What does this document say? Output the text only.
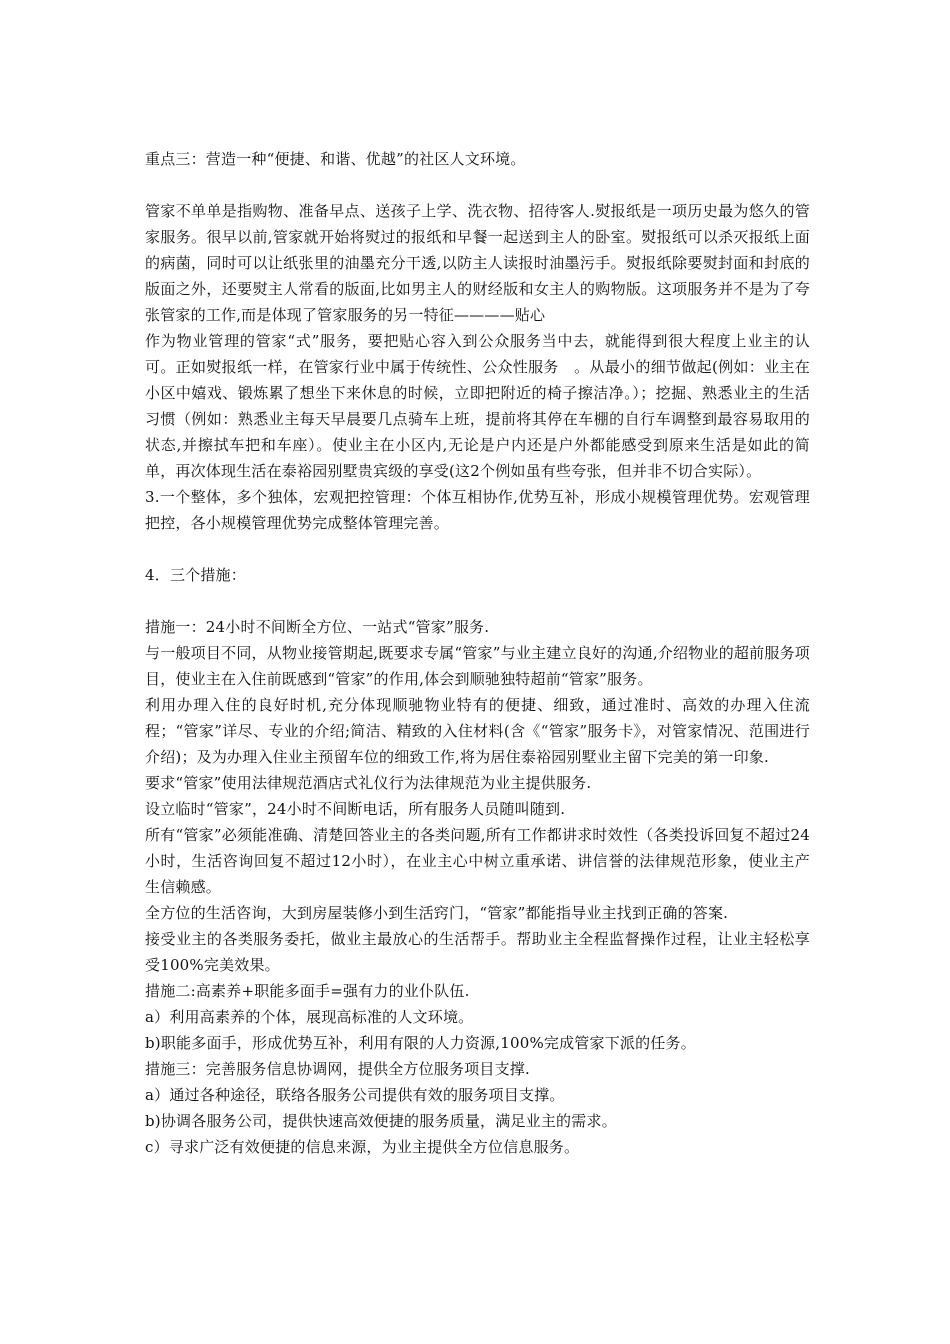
重点三：营造一种“便捷、和谐、优越”的社区人文环境。

管家不单单是指购物、准备早点、送孩子上学、洗衣物、招待客人.熨报纸是一项历史最为悠久的管家服务。很早以前,管家就开始将熨过的报纸和早餐一起送到主人的卧室。熨报纸可以杀灭报纸上面的病菌，同时可以让纸张里的油墨充分干透,以防主人读报时油墨污手。熨报纸除要熨封面和封底的版面之外，还要熨主人常看的版面,比如男主人的财经版和女主人的购物版。这项服务并不是为了夸张管家的工作,而是体现了管家服务的另一特征————贴心

作为物业管理的管家“式”服务，要把贴心容入到公众服务当中去，就能得到很大程度上业主的认可。正如熨报纸一样，在管家行业中属于传统性、公众性服务　。从最小的细节做起(例如：业主在小区中嬉戏、锻炼累了想坐下来休息的时候，立即把附近的椅子擦洁净。）；挖掘、熟悉业主的生活习惯（例如：熟悉业主每天早晨要几点骑车上班，提前将其停在车棚的自行车调整到最容易取用的状态,并擦拭车把和车座）。使业主在小区内,无论是户内还是户外都能感受到原来生活是如此的简单，再次体现生活在泰裕园别墅贵宾级的享受(这2个例如虽有些夸张，但并非不切合实际）。

3.一个整体，多个独体，宏观把控管理：个体互相协作,优势互补，形成小规模管理优势。宏观管理把控，各小规模管理优势完成整体管理完善。

4．三个措施：

措施一：24小时不间断全方位、一站式“管家”服务.

与一般项目不同，从物业接管期起,既要求专属“管家”与业主建立良好的沟通,介绍物业的超前服务项目，使业主在入住前既感到“管家”的作用,体会到顺驰独特超前“管家”服务。

利用办理入住的良好时机,充分体现顺驰物业特有的便捷、细致，通过准时、高效的办理入住流程；“管家”详尽、专业的介绍;简洁、精致的入住材料(含《“管家”服务卡》，对管家情况、范围进行介绍)；及为办理入住业主预留车位的细致工作,将为居住泰裕园别墅业主留下完美的第一印象.

要求“管家”使用法律规范酒店式礼仪行为法律规范为业主提供服务.

设立临时“管家”，24小时不间断电话，所有服务人员随叫随到.

所有“管家”必须能准确、清楚回答业主的各类问题,所有工作都讲求时效性（各类投诉回复不超过24小时，生活咨询回复不超过12小时），在业主心中树立重承诺、讲信誉的法律规范形象，使业主产生信赖感。

全方位的生活咨询，大到房屋装修小到生活窍门，“管家”都能指导业主找到正确的答案.

接受业主的各类服务委托，做业主最放心的生活帮手。帮助业主全程监督操作过程，让业主轻松享受100%完美效果。

措施二:高素养+职能多面手=强有力的业仆队伍.

a）利用高素养的个体，展现高标准的人文环境。

b)职能多面手，形成优势互补，利用有限的人力资源,100%完成管家下派的任务。

措施三：完善服务信息协调网，提供全方位服务项目支撑.

a）通过各种途径，联络各服务公司提供有效的服务项目支撑。

b)协调各服务公司，提供快速高效便捷的服务质量，满足业主的需求。

c）寻求广泛有效便捷的信息来源，为业主提供全方位信息服务。
